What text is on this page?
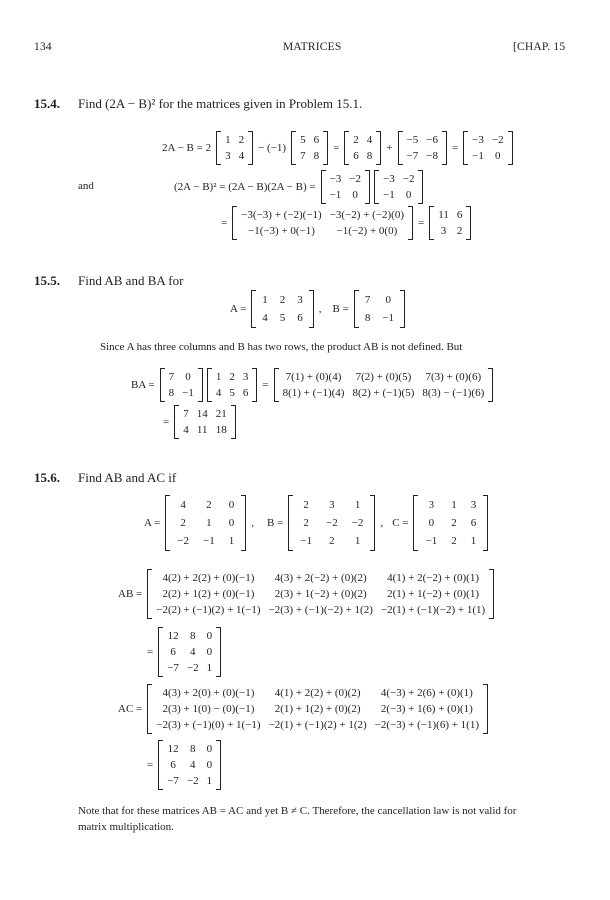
134	MATRICES	[CHAP. 15
15.4. Find (2A − B)² for the matrices given in Problem 15.1.
2A − B = 2
1	2
3	4
− (−1)
5	6
7	8
=
2	4
6	8
+
−5	−6
−7	−8
=
−3	−2
−1	0
and	(2A − B)² = (2A − B)(2A − B) =
−3	−2
−1	0
−3	−2
−1	0
=
−3(−3) + (−2)(−1)	−3(−2) + (−2)(0)
−1(−3) + 0(−1)	−1(−2) + 0(0)
=
11	6
3	2
15.5. Find AB and BA for
A =
1	2	3
4	5	6
, B =
7	0
8	−1
Since A has three columns and B has two rows, the product AB is not defined. But
BA =
7	0
8	−1
1	2	3
4	5	6
=
7(1) + (0)(4)	7(2) + (0)(5)	7(3) + (0)(6)
8(1) + (−1)(4)	8(2) + (−1)(5)	8(3) − (−1)(6)
=
7	14	21
4	11	18
15.6. Find AB and AC if
A =
4	2	0
2	1	0
−2	−1	1
, B =
2	3	1
2	−2	−2
−1	2	1
, C =
3	1	3
0	2	6
−1	2	1
AB =
4(2) + 2(2) + (0)(−1)	4(3) + 2(−2) + (0)(2)	4(1) + 2(−2) + (0)(1)
2(2) + 1(2) + (0)(−1)	2(3) + 1(−2) + (0)(2)	2(1) + 1(−2) + (0)(1)
−2(2) + (−1)(2) + 1(−1)	−2(3) + (−1)(−2) + 1(2)	−2(1) + (−1)(−2) + 1(1)
=
12	8	0
6	4	0
−7	−2	1
AC =
4(3) + 2(0) + (0)(−1)	4(1) + 2(2) + (0)(2)	4(−3) + 2(6) + (0)(1)
2(3) + 1(0) − (0)(−1)	2(1) + 1(2) + (0)(2)	2(−3) + 1(6) + (0)(1)
−2(3) + (−1)(0) + 1(−1)	−2(1) + (−1)(2) + 1(2)	−2(−3) + (−1)(6) + 1(1)
=
12	8	0
6	4	0
−7	−2	1
Note that for these matrices AB = AC and yet B ≠ C. Therefore, the cancellation law is not valid for matrix multiplication.
